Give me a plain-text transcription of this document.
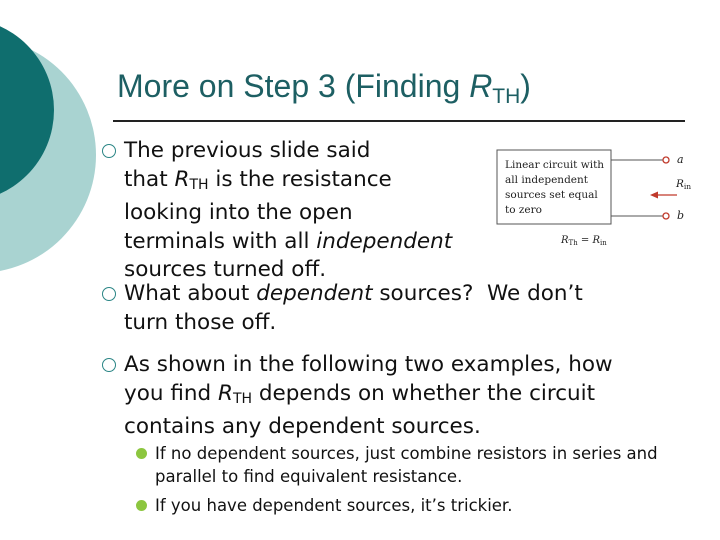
More on Step 3 (Finding $R_{TH}$)
The previous slide said
that $R_{TH}$ is the resistance
looking into the open
terminals with all independent
sources turned off.
What about dependent sources?  We don’t
turn those off.
As shown in the following two examples, how
you find $R_{TH}$ depends on whether the circuit
contains any dependent sources.
If no dependent sources, just combine resistors in series and parallel to find equivalent resistance.
If you have dependent sources, it’s trickier.
Linear circuit with
all independent
sources set equal
to zero
a
b
Rin
$R_{Th} = R_{in}$
